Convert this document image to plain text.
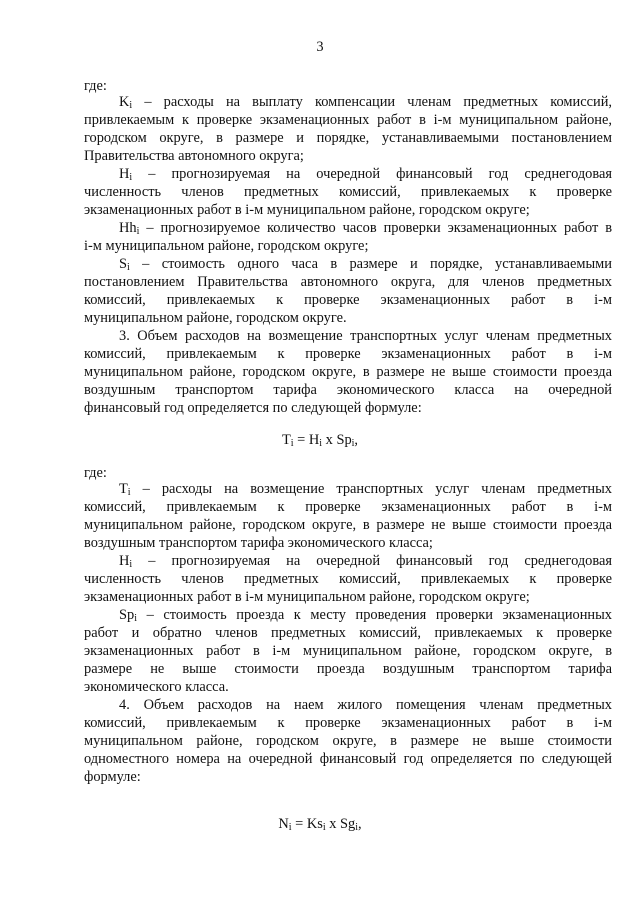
3
где:
$K_i$ – расходы на выплату компенсации членам предметных комиссий,
привлекаемым к проверке экзаменационных работ в i-м муниципальном районе,
городском округе, в размере и порядке, устанавливаемыми постановлением
Правительства автономного округа;
$H_i$ – прогнозируемая на очередной финансовый год среднегодовая
численность членов предметных комиссий, привлекаемых к проверке
экзаменационных работ в i-м муниципальном районе, городском округе;
$Hh_i$ – прогнозируемое количество часов проверки экзаменационных работ в
i-м муниципальном районе, городском округе;
$S_i$ – стоимость одного часа в размере и порядке, устанавливаемыми
постановлением Правительства автономного округа, для членов предметных
комиссий, привлекаемых к проверке экзаменационных работ в i-м
муниципальном районе, городском округе.
3. Объем расходов на возмещение транспортных услуг членам предметных
комиссий, привлекаемым к проверке экзаменационных работ в i-м
муниципальном районе, городском округе, в размере не выше стоимости проезда
воздушным транспортом тарифа экономического класса на очередной
финансовый год определяется по следующей формуле:
$T_i = H_i$ x $Sp_i$,
где:
$T_i$ – расходы на возмещение транспортных услуг членам предметных
комиссий, привлекаемым к проверке экзаменационных работ в i-м
муниципальном районе, городском округе, в размере не выше стоимости проезда
воздушным транспортом тарифа экономического класса;
$H_i$ – прогнозируемая на очередной финансовый год среднегодовая
численность членов предметных комиссий, привлекаемых к проверке
экзаменационных работ в i-м муниципальном районе, городском округе;
$Sp_i$ – стоимость проезда к месту проведения проверки экзаменационных
работ и обратно членов предметных комиссий, привлекаемых к проверке
экзаменационных работ в i-м муниципальном районе, городском округе, в
размере не выше стоимости проезда воздушным транспортом тарифа
экономического класса.
4. Объем расходов на наем жилого помещения членам предметных
комиссий, привлекаемым к проверке экзаменационных работ в i-м
муниципальном районе, городском округе, в размере не выше стоимости
одноместного номера на очередной финансовый год определяется по следующей
формуле:
$N_i = Ks_i$ x $Sg_i$,
